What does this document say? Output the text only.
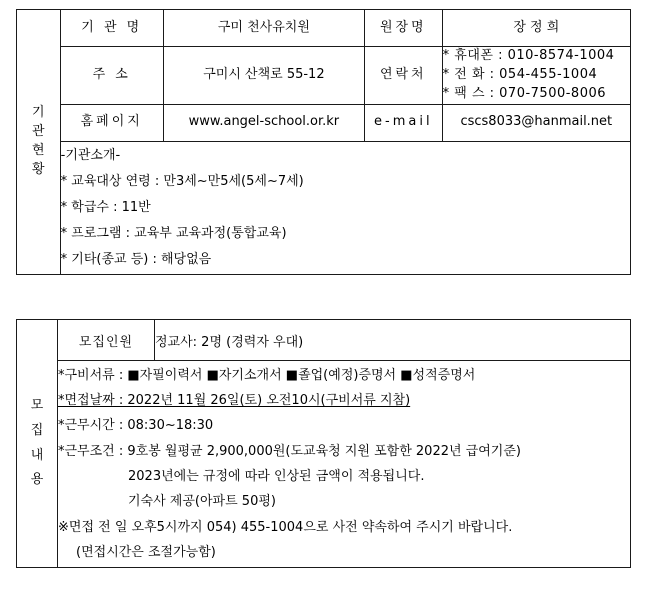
기
관
현
황	기 관 명	구미 천사유치원	원장명	장 정 희
	주 소	구미시 산책로 55-12	연락처	* 휴대폰 : 010-8574-1004
* 전 화 : 054-455-1004
* 팩 스 : 070-7500-8006

	홈페이지	www.angel-school.or.kr	e-mail	cscs8033@hanmail.net

	-기관소개-
* 교육대상 연령 : 만3세~만5세(5세~7세)
* 학급수 : 11반
* 프로그램 : 교육부 교육과정(통합교육)
* 기타(종교 등) : 해당없음			
모
집
내
용
	모집인원	정교사: 2명 (경력자 우대)

*구비서류 : ■자필이력서 ■자기소개서 ■졸업(예정)증명서 ■성적증명서
*면접날짜 : 2022년 11월 26일(토) 오전10시(구비서류 지참)
*근무시간 : 08:30~18:30
*근무조건 : 9호봉 월평균 2,900,000원(도교육청 지원 포함한 2022년 급여기준)
2023년에는 규정에 따라 인상된 금액이 적용됩니다.
기숙사 제공(아파트 50평)
※면접 전 일 오후5시까지 054) 455-1004으로 사전 약속하여 주시기 바랍니다.
(면접시간은 조절가능함)
